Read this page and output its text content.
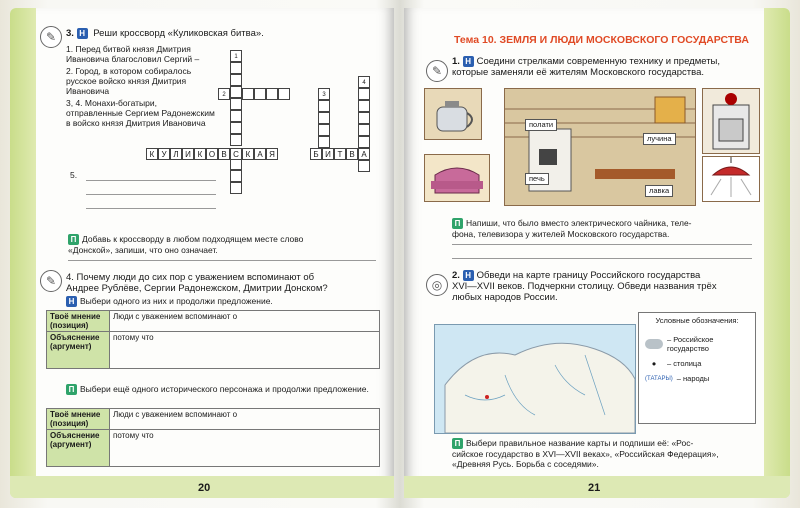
✎	3. Н Реши кроссворд «Куликовская битва».
1. Перед битвой князя Дмитрия Ивановича благословил Сергий –
2. Город, в котором собиралось русское войско князя Дмитрия Ивановича
3, 4. Монахи-богатыри, отправленные Сергием Радонежским в войско князя Дмитрия Ивановича
1
2	3
4
К У Л И К О В С К А Я	Б И Т В А
5.
П Добавь к кроссворду в любом подходящем месте слово
«Донской», запиши, что оно означает.
✎	4. Почему люди до сих пор с уважением вспоминают об
Андрее Рублёве, Сергии Радонежском, Дмитрии Донском?
Н Выбери одного из них и продолжи предложение.
Твоё мнение (позиция)	Люди с уважением вспоминают о
Объяснение (аргумент)	потому что
П Выбери ещё одного исторического персонажа и продолжи предложение.
Твоё мнение (позиция)	Люди с уважением вспоминают о
Объяснение (аргумент)	потому что
20
Тема 10. ЗЕМЛЯ И ЛЮДИ МОСКОВСКОГО ГОСУДАРСТВА
✎
1. Н Соедини стрелками современную технику и предметы,
которые заменяли её жителям Московского государства.
полати
лучина
печь
лавка
П Напиши, что было вместо электрического чайника, теле-
фона, телевизора у жителей Московского государства.
◎
2. Н Обведи на карте границу Российского государства
XVI—XVII веков. Подчеркни столицу. Обведи названия трёх
любых народов России.
Условные обозначения:
– Российское государство
●	– столица
(ТАТАРЫ) – народы
П Выбери правильное название карты и подпиши её: «Рос-
сийское государство в XVI—XVII веках», «Российская Федерация»,
«Древняя Русь. Борьба с соседями».
21
